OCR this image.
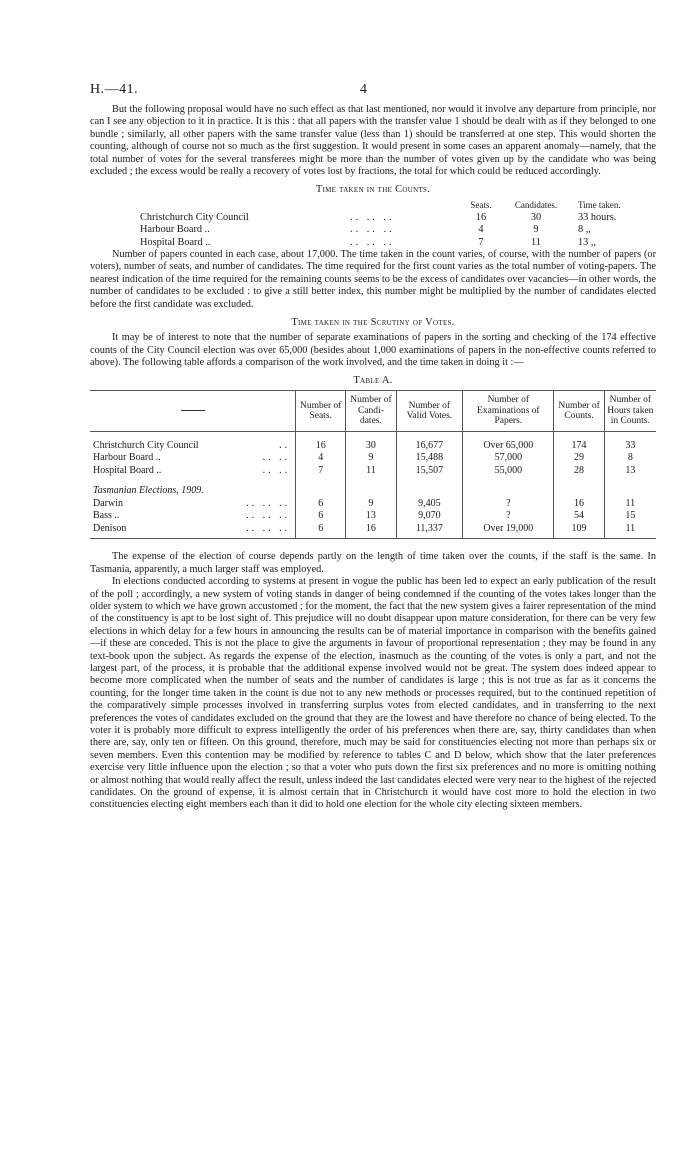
H.—41.	4

But the following proposal would have no such effect as that last mentioned, nor would it involve any departure from principle, nor can I see any objection to it in practice. It is this : that all papers with the transfer value 1 should be dealt with as if they belonged to one bundle ; similarly, all other papers with the same transfer value (less than 1) should be transferred at one step. This would shorten the counting, although of course not so much as the first suggestion. It would present in some cases an apparent anomaly—namely, that the total number of votes for the several transferees might be more than the number of votes given up by the candidate who was being excluded ; the excess would be really a recovery of votes lost by fractions, the total for which could be reduced accordingly.

Time taken in the Counts.
Seats.	Candidates.	Time taken.
Christchurch City Council	.. .. ..	16	30	33 hours.
Harbour Board ..	.. .. ..	4	9	8 ,,
Hospital Board ..	.. .. ..	7	11	13 ,,

Number of papers counted in each case, about 17,000. The time taken in the count varies, of course, with the number of papers (or voters), number of seats, and number of candidates. The time required for the first count varies as the total number of voting-papers. The nearest indication of the time required for the remaining counts seems to be the excess of candidates over vacancies—in other words, the number of candidates to be excluded : to give a still better index, this number might be multiplied by the number of candidates elected before the first candidate was excluded.

Time taken in the Scrutiny of Votes.

It may be of interest to note that the number of separate examinations of papers in the sorting and checking of the 174 effective counts of the City Council election was over 65,000 (besides about 1,000 examinations of papers in the non-effective counts referred to above). The following table affords a comparison of the work involved, and the time taken in doing it :—

Table A.
	Number of Seats.	Number of Candi- dates.	Number of Valid Votes.	Number of Examinations of Papers.	Number of Counts.	Number of Hours taken in Counts.

Christchurch City Council ..	16	30	16,677	Over 65,000	174	33
Harbour Board .. .. ..	4	9	15,488	57,000	29	8
Hospital Board .. .. ..	7	11	15,507	55,000	28	13

Tasmanian Elections, 1909.						
Darwin .. .. ..	6	9	9,405	?	16	11
Bass .. .. .. ..	6	13	9,070	?	54	15
Denison .. .. ..	6	16	11,337	Over 19,000	109	11

The expense of the election of course depends partly on the length of time taken over the counts, if the staff is the same. In Tasmania, apparently, a much larger staff was employed.

In elections conducted according to systems at present in vogue the public has been led to expect an early publication of the result of the poll ; accordingly, a new system of voting stands in danger of being condemned if the counting of the votes takes longer than the older system to which we have grown accustomed ; for the moment, the fact that the new system gives a fairer representation of the mind of the constituency is apt to be lost sight of. This prejudice will no doubt disappear upon mature consideration, for there can be very few elections in which delay for a few hours in announcing the results can be of material importance in comparison with the benefits gained—if these are conceded. This is not the place to give the arguments in favour of proportional representation ; they may be found in any text-book upon the subject. As regards the expense of the election, inasmuch as the counting of the votes is only a part, and not the largest part, of the process, it is probable that the additional expense involved would not be great. The system does indeed appear to become more complicated when the number of seats and the number of candidates is large ; this is not true as far as it concerns the counting, for the longer time taken in the count is due not to any new methods or processes required, but to the continued repetition of the comparatively simple processes involved in transferring surplus votes from elected candidates, and in transferring to the next preferences the votes of candidates excluded on the ground that they are the lowest and have therefore no chance of being elected. To the voter it is probably more difficult to express intelligently the order of his preferences when there are, say, thirty candidates than when there are, say, only ten or fifteen. On this ground, therefore, much may be said for constituencies electing not more than perhaps six or seven members. Even this contention may be modified by reference to tables C and D below, which show that the later preferences exercise very little influence upon the election ; so that a voter who puts down the first six preferences and no more is omitting nothing or almost nothing that would really affect the result, unless indeed the last candidates elected were very near to the highest of the rejected candidates. On the ground of expense, it is almost certain that in Christchurch it would have cost more to hold the election in two constituencies electing eight members each than it did to hold one election for the whole city electing sixteen members.
